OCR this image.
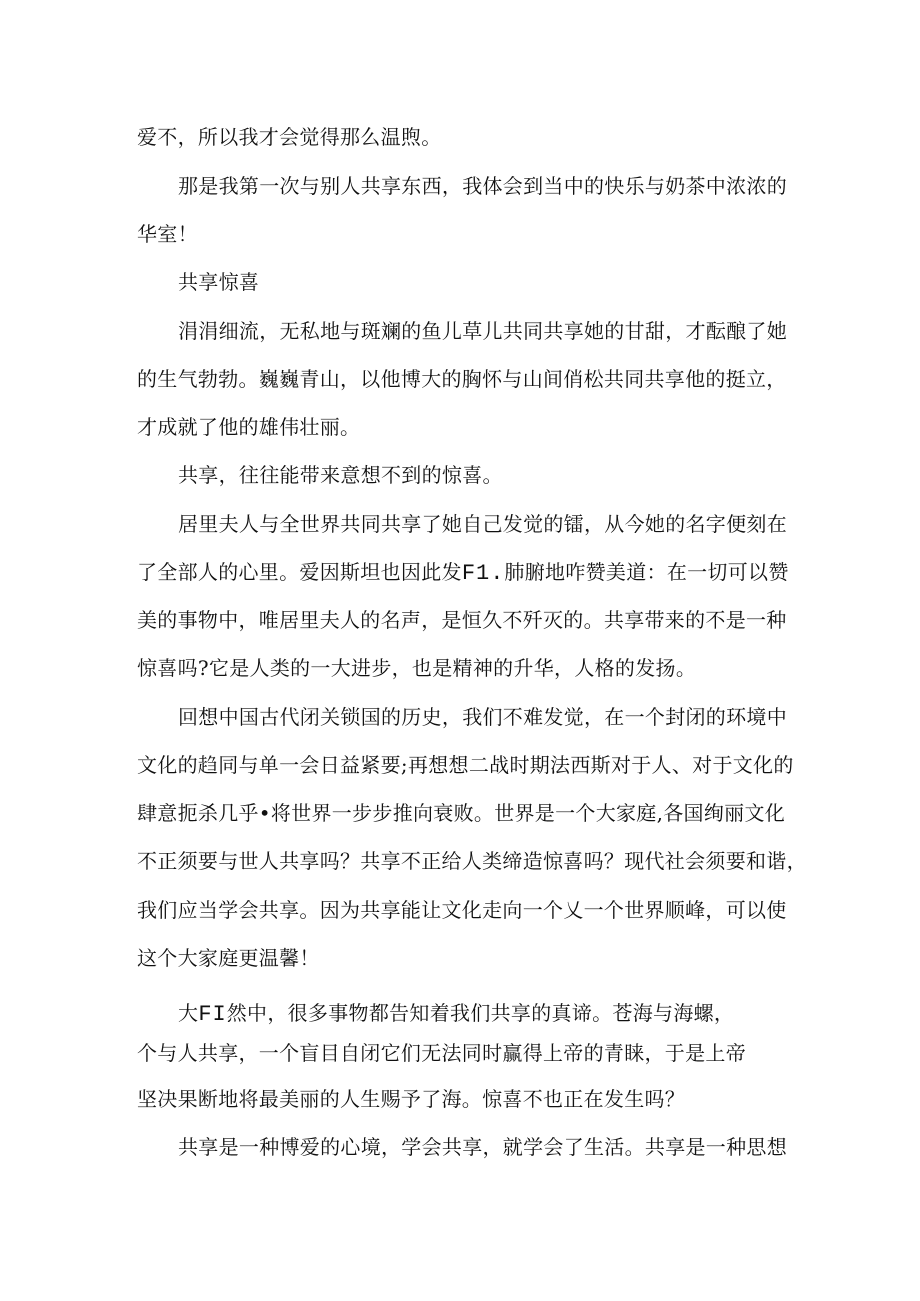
爱不，所以我才会觉得那么温煦。

那是我第一次与别人共享东西，我体会到当中的快乐与奶茶中浓浓的

华室！

共享惊喜

涓涓细流，无私地与斑斓的鱼儿草儿共同共享她的甘甜，才酝酿了她

的生气勃勃。巍巍青山，以他博大的胸怀与山间俏松共同共享他的挺立，

才成就了他的雄伟壮丽。

共享，往往能带来意想不到的惊喜。

居里夫人与全世界共同共享了她自己发觉的镭，从今她的名字便刻在

了全部人的心里。爱因斯坦也因此发F1.肺腑地咋赞美道：在一切可以赞

美的事物中，唯居里夫人的名声，是恒久不歼灭的。共享带来的不是一种

惊喜吗?它是人类的一大进步，也是精神的升华，人格的发扬。

回想中国古代闭关锁国的历史，我们不难发觉，在一个封闭的环境中

文化的趋同与单一会日益紧要;再想想二战时期法西斯对于人、对于文化的

肆意扼杀几乎•将世界一步步推向衰败。世界是一个大家庭,各国绚丽文化

不正须要与世人共享吗？共享不正给人类缔造惊喜吗？现代社会须要和谐，

我们应当学会共享。因为共享能让文化走向一个乂一个世界顺峰，可以使

这个大家庭更温馨！

大FI然中，很多事物都告知着我们共享的真谛。苍海与海螺，

个与人共享，一个盲目自闭它们无法同时赢得上帝的青睐，于是上帝

坚决果断地将最美丽的人生赐予了海。惊喜不也正在发生吗？

共享是一种博爱的心境，学会共享，就学会了生活。共享是一种思想
